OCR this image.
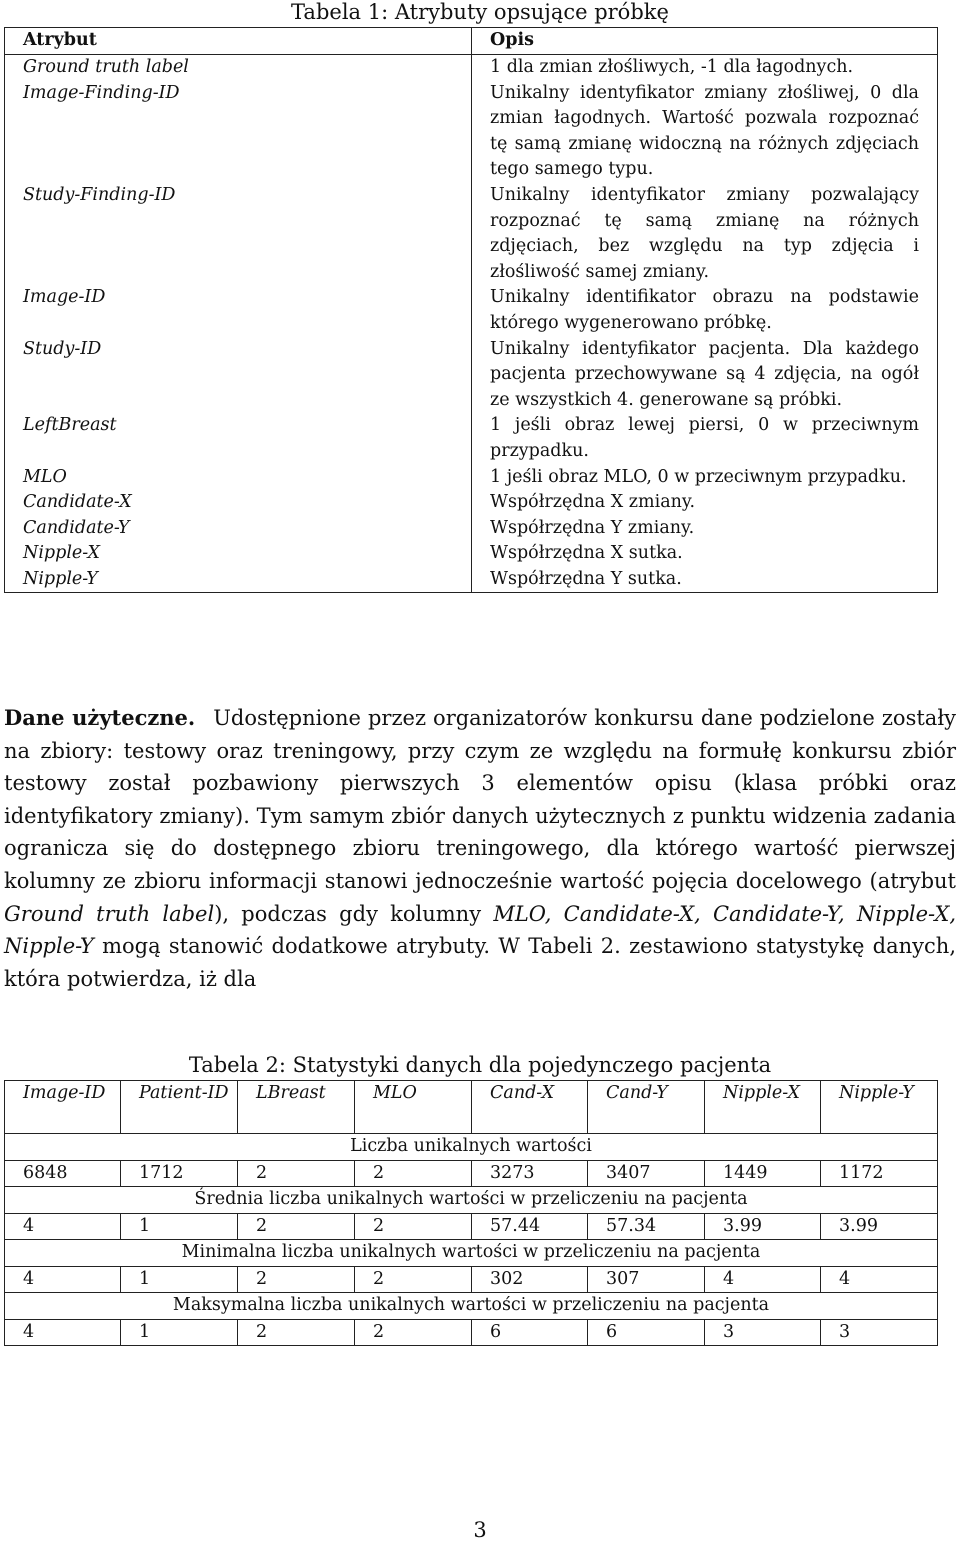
Tabela 1: Atrybuty opsujące próbkę
Atrybut	Opis
Ground truth label	1 dla zmian złośliwych, -1 dla łagodnych.
Image-Finding-ID	Unikalny identyfikator zmiany złośliwej, 0 dla zmian łagodnych. Wartość pozwala rozpoznać tę samą zmianę widoczną na różnych zdjęciach tego samego typu.
Study-Finding-ID	Unikalny identyfikator zmiany pozwalający rozpoznać tę samą zmianę na różnych zdjęciach, bez względu na typ zdjęcia i złośliwość samej zmiany.
Image-ID	Unikalny identifikator obrazu na podstawie którego wygenerowano próbkę.
Study-ID	Unikalny identyfikator pacjenta. Dla każdego pacjenta przechowywane są 4 zdjęcia, na ogół ze wszystkich 4. generowane są próbki.
LeftBreast	1 jeśli obraz lewej piersi, 0 w przeciwnym przypadku.
MLO	1 jeśli obraz MLO, 0 w przeciwnym przypadku.
Candidate-X	Współrzędna X zmiany.
Candidate-Y	Współrzędna Y zmiany.
Nipple-X	Współrzędna X sutka.
Nipple-Y	Współrzędna Y sutka.
Dane użyteczne. Udostępnione przez organizatorów konkursu dane podzielone zostały na zbiory: testowy oraz treningowy, przy czym ze względu na formułę konkursu zbiór testowy został pozbawiony pierwszych 3 elementów opisu (klasa próbki oraz identyfikatory zmiany). Tym samym zbiór danych użytecznych z punktu widzenia zadania ogranicza się do dostępnego zbioru treningowego, dla którego wartość pierwszej kolumny ze zbioru informacji stanowi jednocześnie wartość pojęcia docelowego (atrybut Ground truth label), podczas gdy kolumny MLO, Candidate-X, Candidate-Y, Nipple-X, Nipple-Y mogą stanowić dodatkowe atrybuty. W Tabeli 2. zestawiono statystykę danych, która potwierdza, iż dla
Tabela 2: Statystyki danych dla pojedynczego pacjenta
Image-ID	Patient-ID	LBreast	MLO	Cand-X	Cand-Y	Nipple-X	Nipple-Y
Liczba unikalnych wartości							
6848	1712	2	2	3273	3407	1449	1172
Średnia liczba unikalnych wartości w przeliczeniu na pacjenta							
4	1	2	2	57.44	57.34	3.99	3.99
Minimalna liczba unikalnych wartości w przeliczeniu na pacjenta							
4	1	2	2	302	307	4	4
Maksymalna liczba unikalnych wartości w przeliczeniu na pacjenta							
4	1	2	2	6	6	3	3
3
